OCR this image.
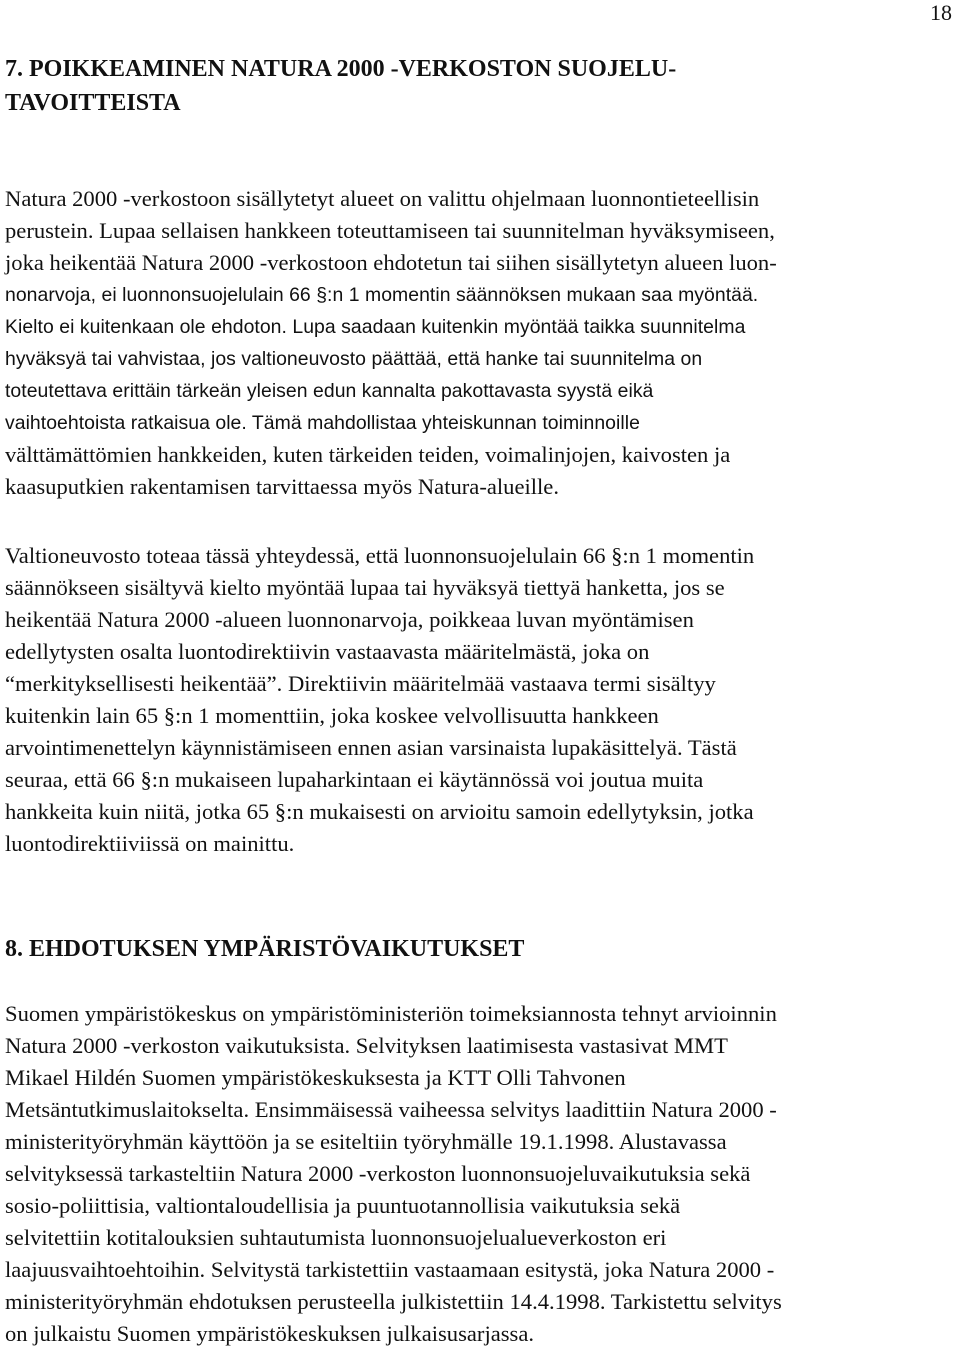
18
7. POIKKEAMINEN NATURA 2000 -VERKOSTON SUOJELU-
TAVOITTEISTA

Natura 2000 -verkostoon sisällytetyt alueet on valittu ohjelmaan luonnontieteellisin
perustein. Lupaa sellaisen hankkeen toteuttamiseen tai suunnitelman hyväksymiseen,
joka heikentää Natura 2000 -verkostoon ehdotetun tai siihen sisällytetyn alueen luon-
nonarvoja, ei luonnonsuojelulain 66 §:n 1 momentin säännöksen mukaan saa myöntää.
Kielto ei kuitenkaan ole ehdoton. Lupa saadaan kuitenkin myöntää taikka suunnitelma
hyväksyä tai vahvistaa, jos valtioneuvosto päättää, että hanke tai suunnitelma on
toteutettava erittäin tärkeän yleisen edun kannalta pakottavasta syystä eikä
vaihtoehtoista ratkaisua ole. Tämä mahdollistaa yhteiskunnan toiminnoille
välttämättömien hankkeiden, kuten tärkeiden teiden, voimalinjojen, kaivosten ja
kaasuputkien rakentamisen tarvittaessa myös Natura-alueille.

Valtioneuvosto toteaa tässä yhteydessä, että luonnonsuojelulain 66 §:n 1 momentin
säännökseen sisältyvä kielto myöntää lupaa tai hyväksyä tiettyä hanketta, jos se
heikentää Natura 2000 -alueen luonnonarvoja, poikkeaa luvan myöntämisen
edellytysten osalta luontodirektiivin vastaavasta määritelmästä, joka on
“merkityksellisesti heikentää”. Direktiivin määritelmää vastaava termi sisältyy
kuitenkin lain 65 §:n 1 momenttiin, joka koskee velvollisuutta hankkeen
arvointimenettelyn käynnistämiseen ennen asian varsinaista lupakäsittelyä. Tästä
seuraa, että 66 §:n mukaiseen lupaharkintaan ei käytännössä voi joutua muita
hankkeita kuin niitä, jotka 65 §:n mukaisesti on arvioitu samoin edellytyksin, jotka
luontodirektiiviissä on mainittu.

8. EHDOTUKSEN YMPÄRISTÖVAIKUTUKSET

Suomen ympäristökeskus on ympäristöministeriön toimeksiannosta tehnyt arvioinnin
Natura 2000 -verkoston vaikutuksista. Selvityksen laatimisesta vastasivat MMT
Mikael Hildén Suomen ympäristökeskuksesta ja KTT Olli Tahvonen
Metsäntutkimuslaitokselta. Ensimmäisessä vaiheessa selvitys laadittiin Natura 2000 -
ministerityöryhmän käyttöön ja se esiteltiin työryhmälle 19.1.1998. Alustavassa
selvityksessä tarkasteltiin Natura 2000 -verkoston luonnonsuojeluvaikutuksia sekä
sosio-poliittisia, valtiontaloudellisia ja puuntuotannollisia vaikutuksia sekä
selvitettiin kotitalouksien suhtautumista luonnonsuojelualueverkoston eri
laajuusvaihtoehtoihin. Selvitystä tarkistettiin vastaamaan esitystä, joka Natura 2000 -
ministerityöryhmän ehdotuksen perusteella julkistettiin 14.4.1998. Tarkistettu selvitys
on julkaistu Suomen ympäristökeskuksen julkaisusarjassa.
